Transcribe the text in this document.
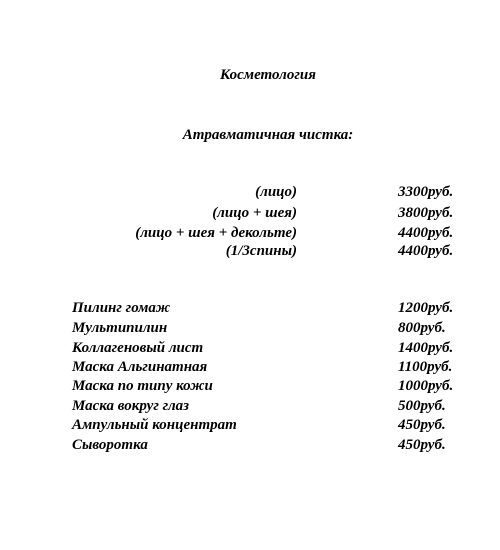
Косметология
Атравматичная чистка:
(лицо)	3300руб.
(лицо + шея)	3800руб.
(лицо + шея + декольте)	4400руб.
(1/3спины)	4400руб.
Пилинг гомаж	1200руб.
Мультипилин	800руб.
Коллагеновый лист	1400руб.
Маска Альгинатная	1100руб.
Маска по типу кожи	1000руб.
Маска вокруг глаз	500руб.
Ампульный концентрат	450руб.
Сыворотка	450руб.
